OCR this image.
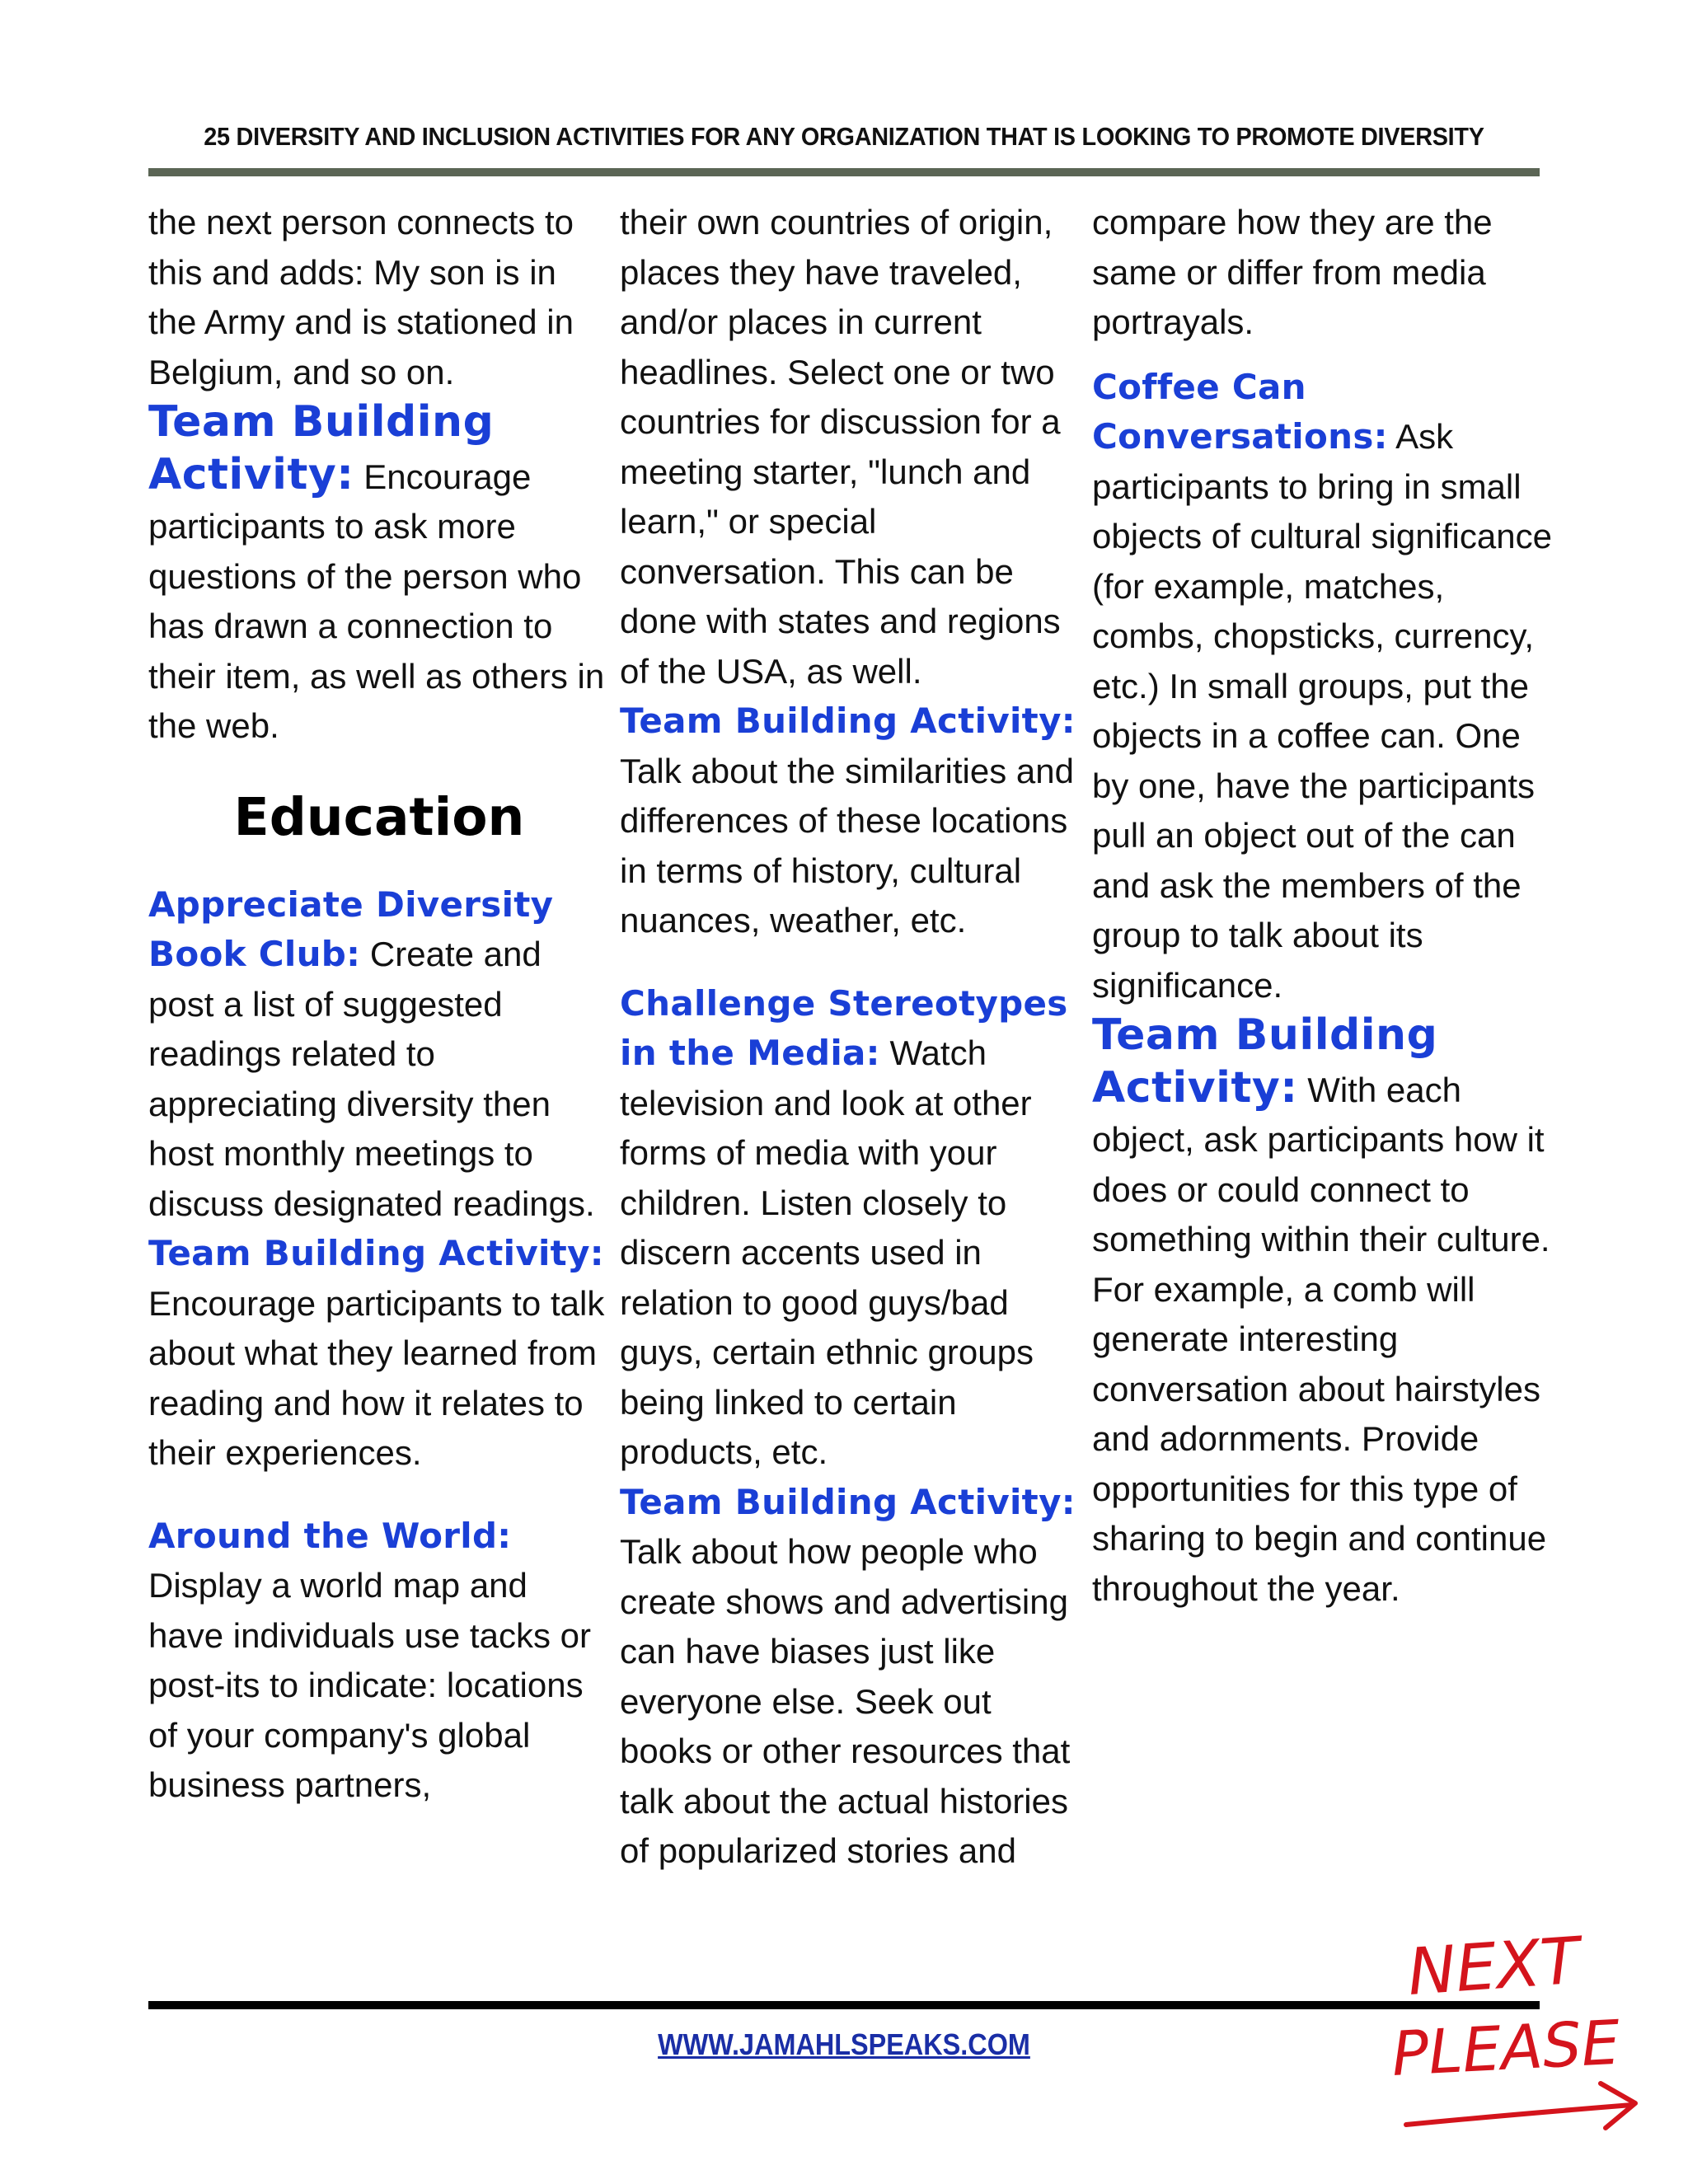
25 DIVERSITY AND INCLUSION ACTIVITIES FOR ANY ORGANIZATION THAT IS LOOKING TO PROMOTE DIVERSITY

the next person connects to this and adds: My son is in the Army and is stationed in Belgium, and so on.

Team Building Activity: Encourage participants to ask more questions of the person who has drawn a connection to their item, as well as others in the web.

Education

Appreciate Diversity Book Club: Create and post a list of suggested readings related to appreciating diversity then host monthly meetings to discuss designated readings.

Team Building Activity: Encourage participants to talk about what they learned from reading and how it relates to their experiences.

Around the World: Display a world map and have individuals use tacks or post-its to indicate: locations of your company's global business partners,

their own countries of origin, places they have traveled, and/or places in current headlines. Select one or two countries for discussion for a meeting starter, "lunch and learn," or special conversation. This can be done with states and regions of the USA, as well.

Team Building Activity: Talk about the similarities and differences of these locations in terms of history, cultural nuances, weather, etc.

Challenge Stereotypes in the Media: Watch television and look at other forms of media with your children. Listen closely to discern accents used in relation to good guys/bad guys, certain ethnic groups being linked to certain products, etc.

Team Building Activity: Talk about how people who create shows and advertising can have biases just like everyone else. Seek out books or other resources that talk about the actual histories of popularized stories and

compare how they are the same or differ from media portrayals.

Coffee Can Conversations: Ask participants to bring in small objects of cultural significance (for example, matches, combs, chopsticks, currency, etc.) In small groups, put the objects in a coffee can. One by one, have the participants pull an object out of the can and ask the members of the group to talk about its significance.

Team Building Activity: With each object, ask participants how it does or could connect to something within their culture. For example, a comb will generate interesting conversation about hairstyles and adornments. Provide opportunities for this type of sharing to begin and continue throughout the year.

WWW.JAMAHLSPEAKS.COM
NEXT
PLEASE
